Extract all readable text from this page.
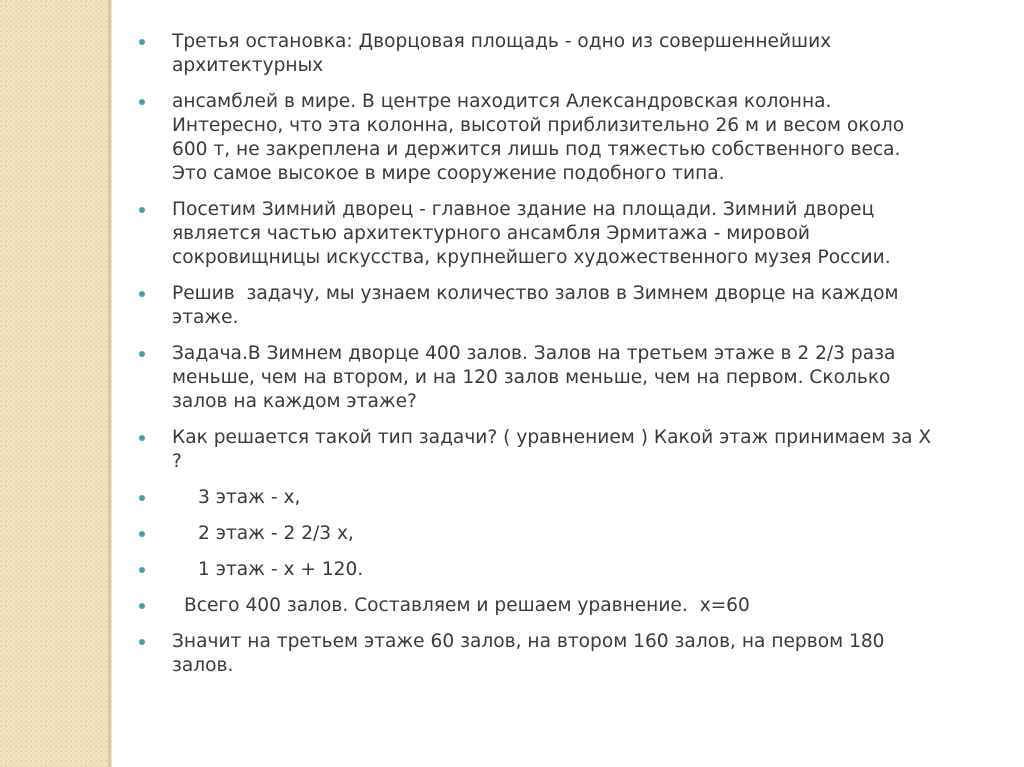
Третья остановка: Дворцовая площадь - одно из совершеннейших архитектурных
ансамблей в мире. В центре находится Александровская колонна. Интересно, что эта колонна, высотой приблизительно 26 м и весом около 600 т, не закреплена и держится лишь под тяжестью собственного веса. Это самое высокое в мире сооружение подобного типа.
Посетим Зимний дворец - главное здание на площади. Зимний дворец является частью архитектурного ансамбля Эрмитажа - мировой сокровищницы искусства, крупнейшего художественного музея России.
Решив  задачу, мы узнаем количество залов в Зимнем дворце на каждом этаже.
Задача.В Зимнем дворце 400 залов. Залов на третьем этаже в 2 2/3 раза меньше, чем на втором, и на 120 залов меньше, чем на первом. Сколько залов на каждом этаже?
Как решается такой тип задачи? ( уравнением ) Какой этаж принимаем за Х ?
3 этаж - х,
2 этаж - 2 2/3 х,
1 этаж - х + 120.
Всего 400 залов. Составляем и решаем уравнение.  х=60
Значит на третьем этаже 60 залов, на втором 160 залов, на первом 180 залов.
